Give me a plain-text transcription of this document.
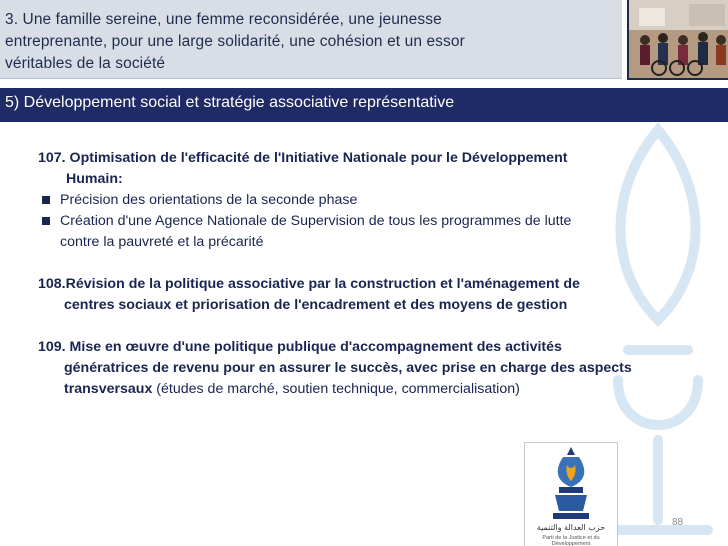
3. Une famille sereine, une femme reconsidérée, une jeunesse
entreprenante, pour une large solidarité, une cohésion et un essor
véritables de la société
5) Développement social et stratégie associative représentative
107. Optimisation de l'efficacité de l'Initiative Nationale pour le Développement
Humain:
Précision des orientations de la seconde phase
Création d'une Agence Nationale de Supervision de tous les programmes de lutte
contre la pauvreté et la précarité
108.Révision de la politique associative par la construction et l'aménagement de
centres sociaux et priorisation de l'encadrement et des moyens de gestion
109. Mise en œuvre d'une politique publique d'accompagnement des activités
génératrices de revenu pour en assurer le succès, avec prise en charge des aspects
transversaux (études de marché, soutien technique, commercialisation)
حزب العدالة والتنمية
Parti de la Justice et du Développement
88
